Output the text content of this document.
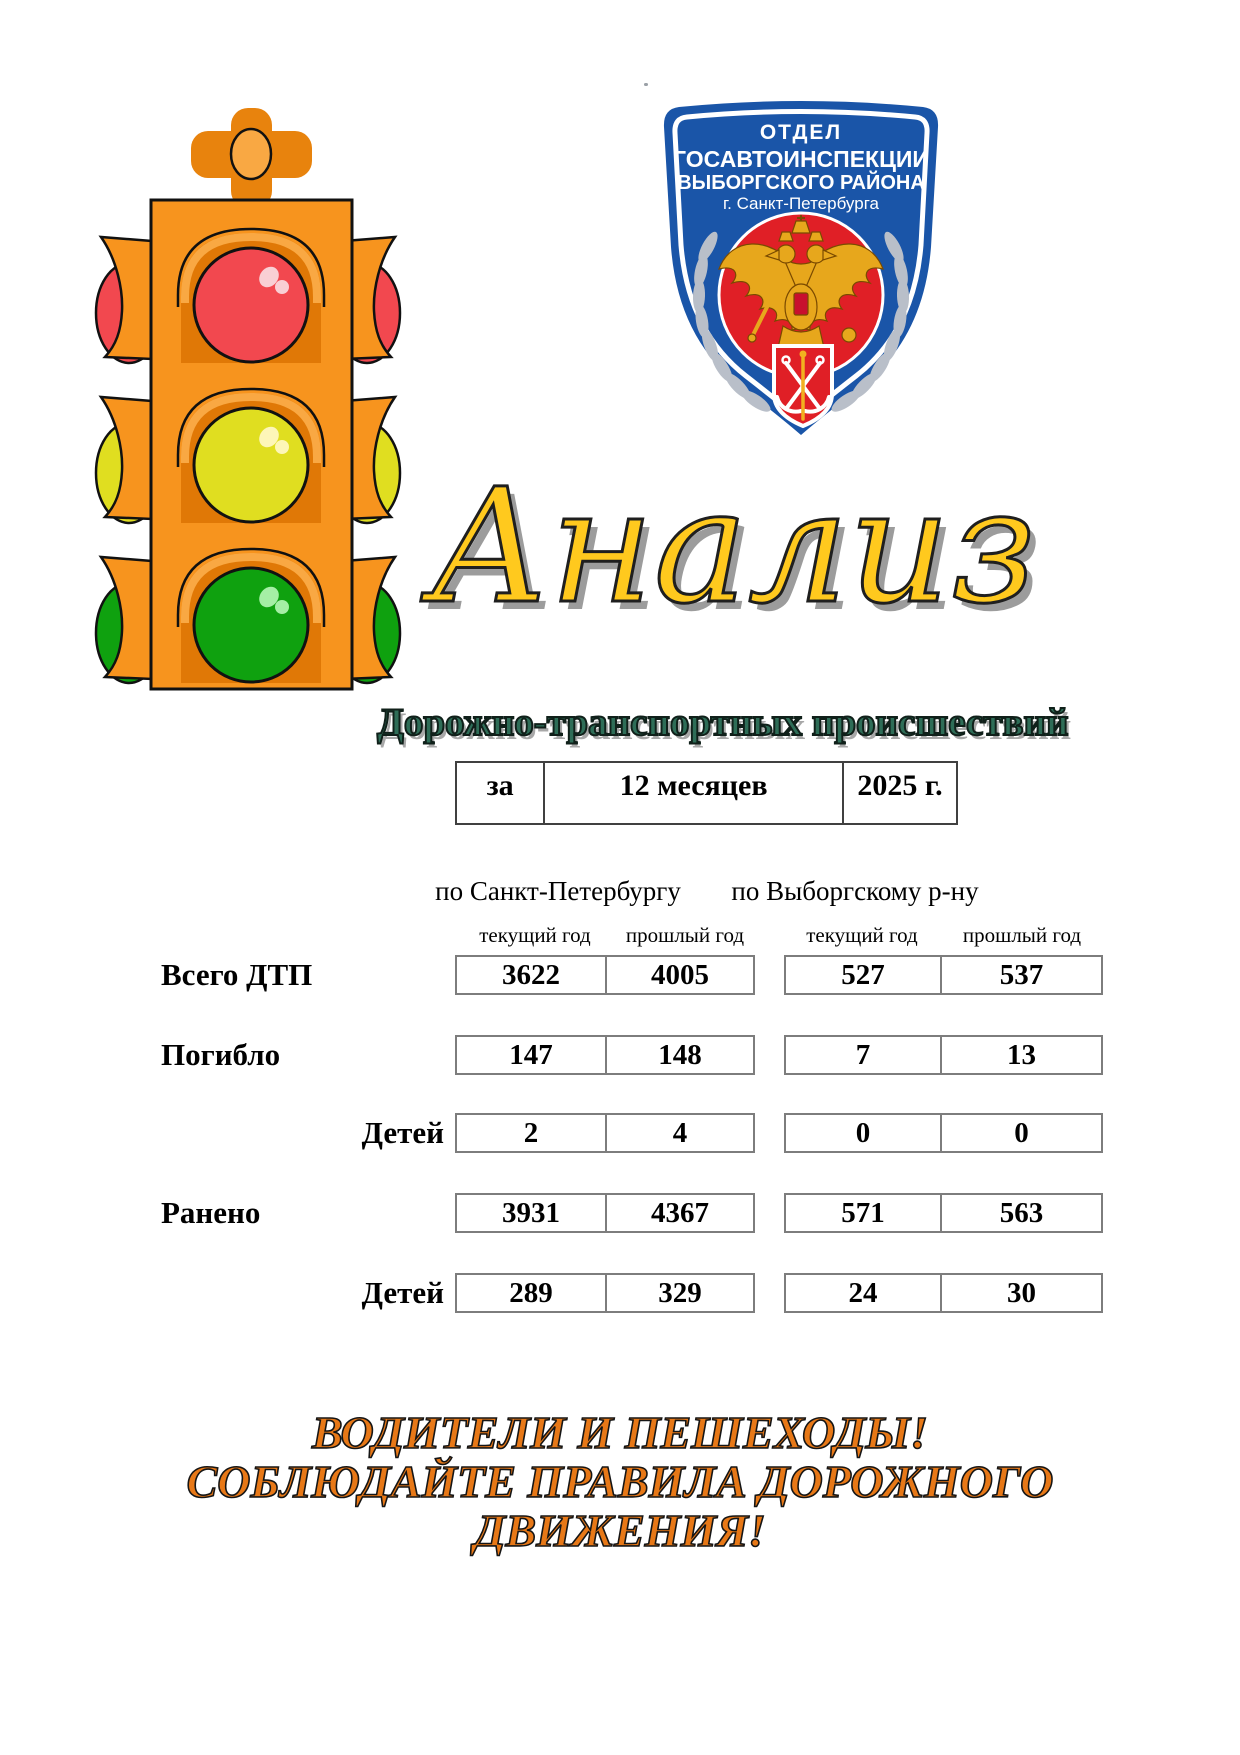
ОТДЕЛ
ГОСАВТОИНСПЕКЦИИ
ВЫБОРГСКОГО РАЙОНА
г. Санкт-Петербурга
Анализ
Дорожно-транспортных происшествий
за	12 месяцев	2025 г.
по Санкт-Петербургу	по Выборгскому р-ну
текущий год	прошлый год	текущий год	прошлый год
Всего ДТП	3622	4005	527	537
Погибло	147	148	7	13
Детей	2	4	0	0
Ранено	3931	4367	571	563
Детей	289	329	24	30
ВОДИТЕЛИ И ПЕШЕХОДЫ!
СОБЛЮДАЙТЕ ПРАВИЛА ДОРОЖНОГО
ДВИЖЕНИЯ!
